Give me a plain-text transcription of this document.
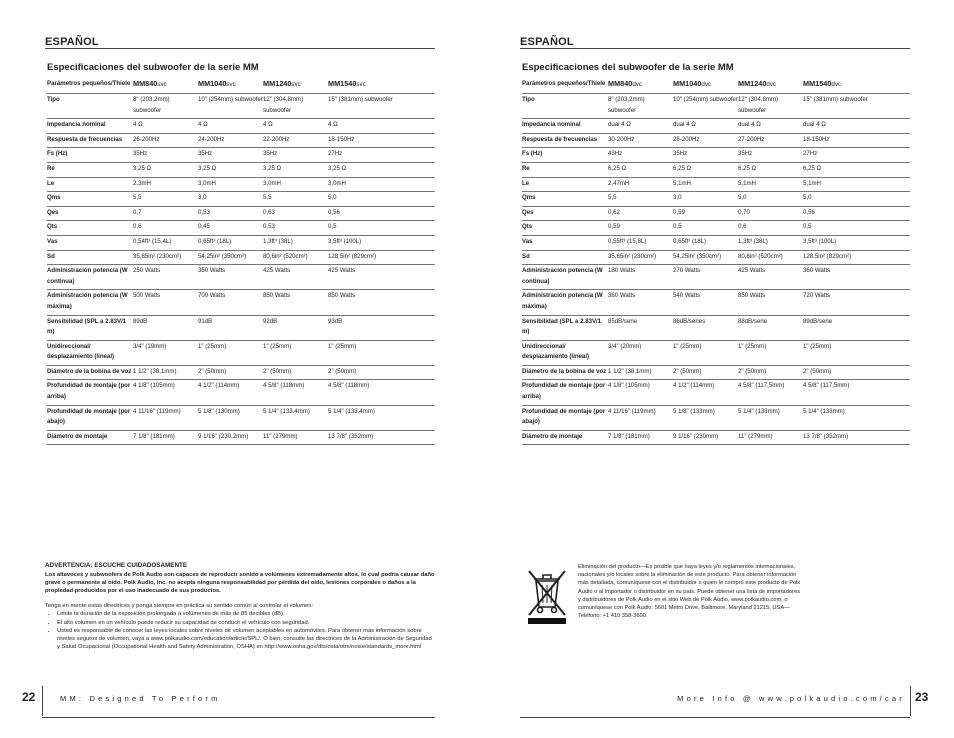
ESPAÑOL
Especificaciones del subwoofer de la serie MM
Parámetros pequeños/Thiele	MM840svc	MM1040svc	MM1240svc	MM1540svc
Tipo	8" (203,2mm) subwoofer	10" (254mm) subwoofer	12" (304,8mm) subwoofer	15" (381mm) subwoofer
Impedancia nominal	4 Ω	4 Ω	4 Ω	4 Ω
Respuesta de frecuencias	26-200Hz	24-200Hz	22-200Hz	18-150Hz
Fs (Hz)	35Hz	35Hz	35Hz	27Hz
Re	3,25 Ω	3,25 Ω	3,25 Ω	3,25 Ω
Le	2,3mH	3,0mH	3,0mH	3,0mH
Qms	5,5	3,0	5,5	5,0
Qes	0,7	0,53	0,63	0,56
Qts	0,6	0,45	0,53	0,5
Vas	0,54ft³ (15,4L)	0,65ft³ (18L)	1,3ft³ (38L)	3,5ft³ (100L)
Sd	35,65in² (230cm²)	54,25in² (350cm²)	80,6in² (520cm²)	128,5in² (829cm²)
Administración potencia (W continua)	250 Watts	350 Watts	425 Watts	425 Watts
Administración potencia (W máxima)	500 Watts	700 Watts	850 Watts	850 Watts
Sensibilidad (SPL a 2.83V/1 m)	89dB	91dB	92dB	93dB
Unidireccional/ desplazamiento (lineal)	3/4" (19mm)	1" (25mm)	1" (25mm)	1" (25mm)
Diámetro de la bobina de voz	1 1/2" (38,1mm)	2" (50mm)	2" (50mm)	2" (50mm)
Profundidad de montaje (por arriba)	4 1/8" (105mm)	4 1/2" (114mm)	4 5/8" (118mm)	4 5/8" (118mm)
Profundidad de montaje (por abajo)	4 11/16" (119mm)	5 1/8" (130mm)	5 1/4" (133.4mm)	5 1/4" (133.4mm)
Diámetro de montaje	7 1/8" (181mm)	9 1/16" (230.2mm)	11" (279mm)	13 7/8" (352mm)
ADVERTENCIA: ESCUCHE CUIDADOSAMENTE
Los altavoces y subwoofers de Polk Audio son capaces de reproducir sonido a volúmenes extremadamente altos, lo cual podría causar daño grave o permanente al oído. Polk Audio, Inc. no acepta ninguna responsabilidad por pérdida del oído, lesiones corporales o daños a la propiedad producidos por el uso inadecuado de sus productos.
Tenga en mente estas directrices y ponga siempre en práctica su sentido común al controlar el volumen:
• Limite la duración de la exposición prolongada a volúmenes de más de 85 decibles (dB).
• El alto volumen en un vehículo puede reducir su capacidad de conducir el vehículo con seguridad.
• Usted es responsable de conocer las leyes locales sobre niveles de volumen aceptables en automóviles. Para obtener más información sobre niveles seguros de volumen, vaya a www.polkaudio.com/education/article/SPL/. O bien, consulte las directrices de la Administración de Seguridad y Salud Ocupacional (Occupational Health and Safety Administration, OSHA) en http://www.osha.gov/dts/osta/otm/noise/standards_more.html
ESPAÑOL
Especificaciones del subwoofer de la serie MM
Parámetros pequeños/Thiele	MM840dvc	MM1040dvc	MM1240dvc	MM1540dvc
Tipo	8" (203,2mm) subwoofer	10" (254mm) subwoofer	12" (304,8mm) subwoofer	15" (381mm) subwoofer
Impedancia nominal	dual 4 Ω	dual 4 Ω	dual 4 Ω	dual 4 Ω
Respuesta de frecuencias	30-200Hz	28-200Hz	27-200Hz	18-150Hz
Fs (Hz)	43Hz	35Hz	35Hz	27Hz
Re	6,25 Ω	6,25 Ω	6,25 Ω	6,25 Ω
Le	2,47mH	5,1mH	5,1mH	5,1mH
Qms	5,5	3,0	5,0	5,0
Qes	0,62	0,59	0,70	0,56
Qts	0,59	0,5	0,6	0,5
Vas	0,55ft³ (15,8L)	0,65ft³ (18L)	1,3ft³ (38L)	3,5ft³ (100L)
Sd	35,65in² (230cm²)	54,25in² (350cm²)	80,6in² (520cm²)	128,5in² (829cm²)
Administración potencia (W continua)	180 Watts	270 Watts	425 Watts	360 Watts
Administración potencia (W máxima)	360 Watts	540 Watts	850 Watts	720 Watts
Sensibilidad (SPL a 2.83V/1 m)	85dB/serie	86dB/series	88dB/serie	89dB/serie
Unidireccional/ desplazamiento (lineal)	3/4" (20mm)	1" (25mm)	1" (25mm)	1" (25mm)
Diámetro de la bobina de voz	1 1/2" (38,1mm)	2" (50mm)	2" (50mm)	2" (50mm)
Profundidad de montaje (por arriba)	4 1/8" (105mm)	4 1/2" (114mm)	4 5/8" (117,5mm)	4 5/8" (117,5mm)
Profundidad de montaje (por abajo)	4 11/16" (119mm)	5 1/8" (133mm)	5 1/4" (133mm)	5 1/4" (133mm)
Diámetro de montaje	7 1/8" (181mm)	9 1/16" (230mm)	11" (279mm)	13 7/8" (352mm)
Eliminación del producto—Es posible que haya leyes y/o reglamentos internacionales, nacionales y/o locales sobre la eliminación de este producto. Para obtener información más detallada, comuníquese con el distribuidor o quien le compró este producto de Polk Audio o al importador o distribuidor en su país. Puede obtener una lista de importadores y distribuidores de Polk Audio en el sitio Web de Polk Audio, www.polkaudio.com, o comuníquese con Polk Audio: 5601 Metro Drive, Baltimore, Maryland 21215, USA—Teléfono: +1 410 358-3600.
22	MM: Designed To Perform	More Info @ www.polkaudio.com/car 23
